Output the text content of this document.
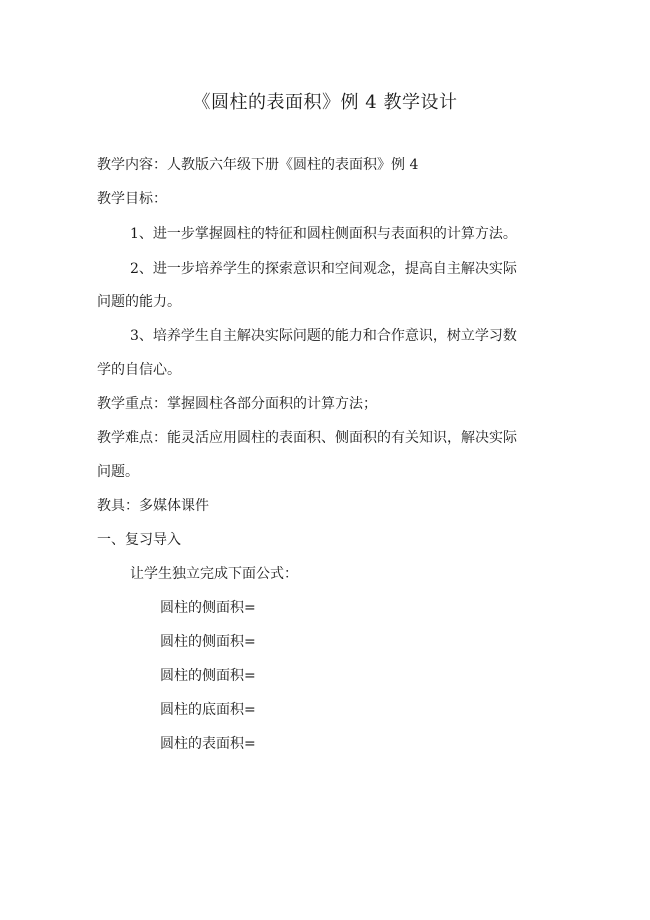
《圆柱的表面积》例 4 教学设计
教学内容：人教版六年级下册《圆柱的表面积》例 4
教学目标：
1、进一步掌握圆柱的特征和圆柱侧面积与表面积的计算方法。
2、进一步培养学生的探索意识和空间观念，提高自主解决实际
问题的能力。
3、培养学生自主解决实际问题的能力和合作意识，树立学习数
学的自信心。
教学重点：掌握圆柱各部分面积的计算方法；
教学难点：能灵活应用圆柱的表面积、侧面积的有关知识，解决实际
问题。
教具：多媒体课件
一、复习导入
让学生独立完成下面公式：
圆柱的侧面积=
圆柱的侧面积=
圆柱的侧面积=
圆柱的底面积=
圆柱的表面积=
